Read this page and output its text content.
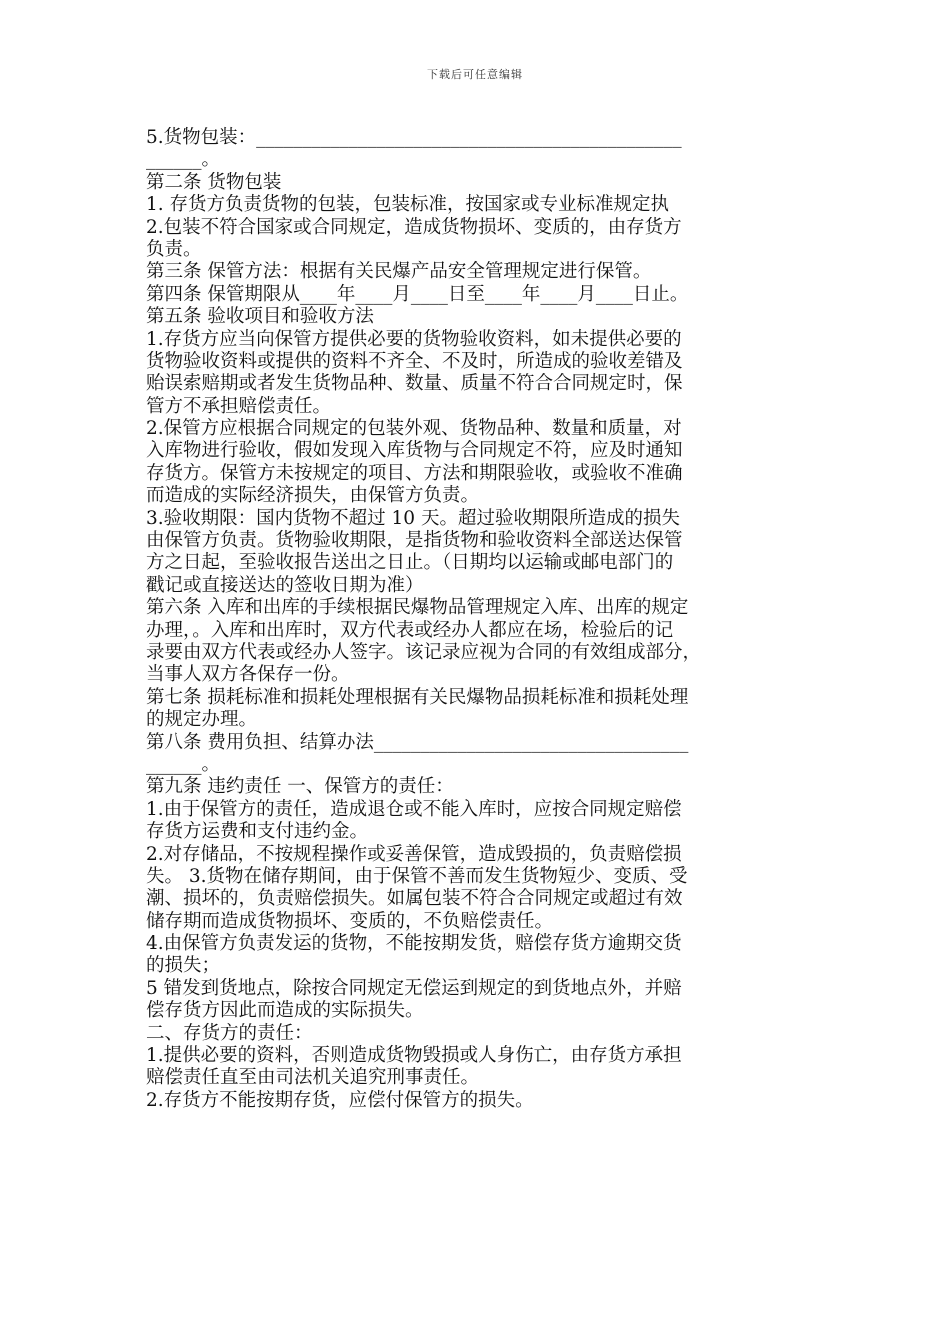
下载后可任意编辑
5.货物包装：______________________________________________
______。
第二条 货物包装
1. 存货方负责货物的包装，包装标准，按国家或专业标准规定执
2.包装不符合国家或合同规定，造成货物损坏、变质的，由存货方
负责。
第三条 保管方法：根据有关民爆产品安全管理规定进行保管。
第四条 保管期限从____年____月____日至____年____月____日止。
第五条 验收项目和验收方法
1.存货方应当向保管方提供必要的货物验收资料，如未提供必要的
货物验收资料或提供的资料不齐全、不及时，所造成的验收差错及
贻误索赔期或者发生货物品种、数量、质量不符合合同规定时，保
管方不承担赔偿责任。
2.保管方应根据合同规定的包装外观、货物品种、数量和质量，对
入库物进行验收，假如发现入库货物与合同规定不符，应及时通知
存货方。保管方未按规定的项目、方法和期限验收，或验收不准确
而造成的实际经济损失，由保管方负责。
3.验收期限：国内货物不超过 10 天。超过验收期限所造成的损失
由保管方负责。货物验收期限，是指货物和验收资料全部送达保管
方之日起，至验收报告送出之日止。（日期均以运输或邮电部门的
戳记或直接送达的签收日期为准）
第六条 入库和出库的手续根据民爆物品管理规定入库、出库的规定
办理，。入库和出库时，双方代表或经办人都应在场，检验后的记
录要由双方代表或经办人签字。该记录应视为合同的有效组成部分，
当事人双方各保存一份。
第七条 损耗标准和损耗处理根据有关民爆物品损耗标准和损耗处理
的规定办理。
第八条 费用负担、结算办法__________________________________
______。
第九条 违约责任 一、保管方的责任：
1.由于保管方的责任，造成退仓或不能入库时，应按合同规定赔偿
存货方运费和支付违约金。
2.对存储品，不按规程操作或妥善保管，造成毁损的，负责赔偿损
失。 3.货物在储存期间，由于保管不善而发生货物短少、变质、受
潮、损坏的，负责赔偿损失。如属包装不符合合同规定或超过有效
储存期而造成货物损坏、变质的，不负赔偿责任。
4.由保管方负责发运的货物，不能按期发货，赔偿存货方逾期交货
的损失；
5 错发到货地点，除按合同规定无偿运到规定的到货地点外，并赔
偿存货方因此而造成的实际损失。
二、存货方的责任：
1.提供必要的资料，否则造成货物毁损或人身伤亡，由存货方承担
赔偿责任直至由司法机关追究刑事责任。
2.存货方不能按期存货，应偿付保管方的损失。
